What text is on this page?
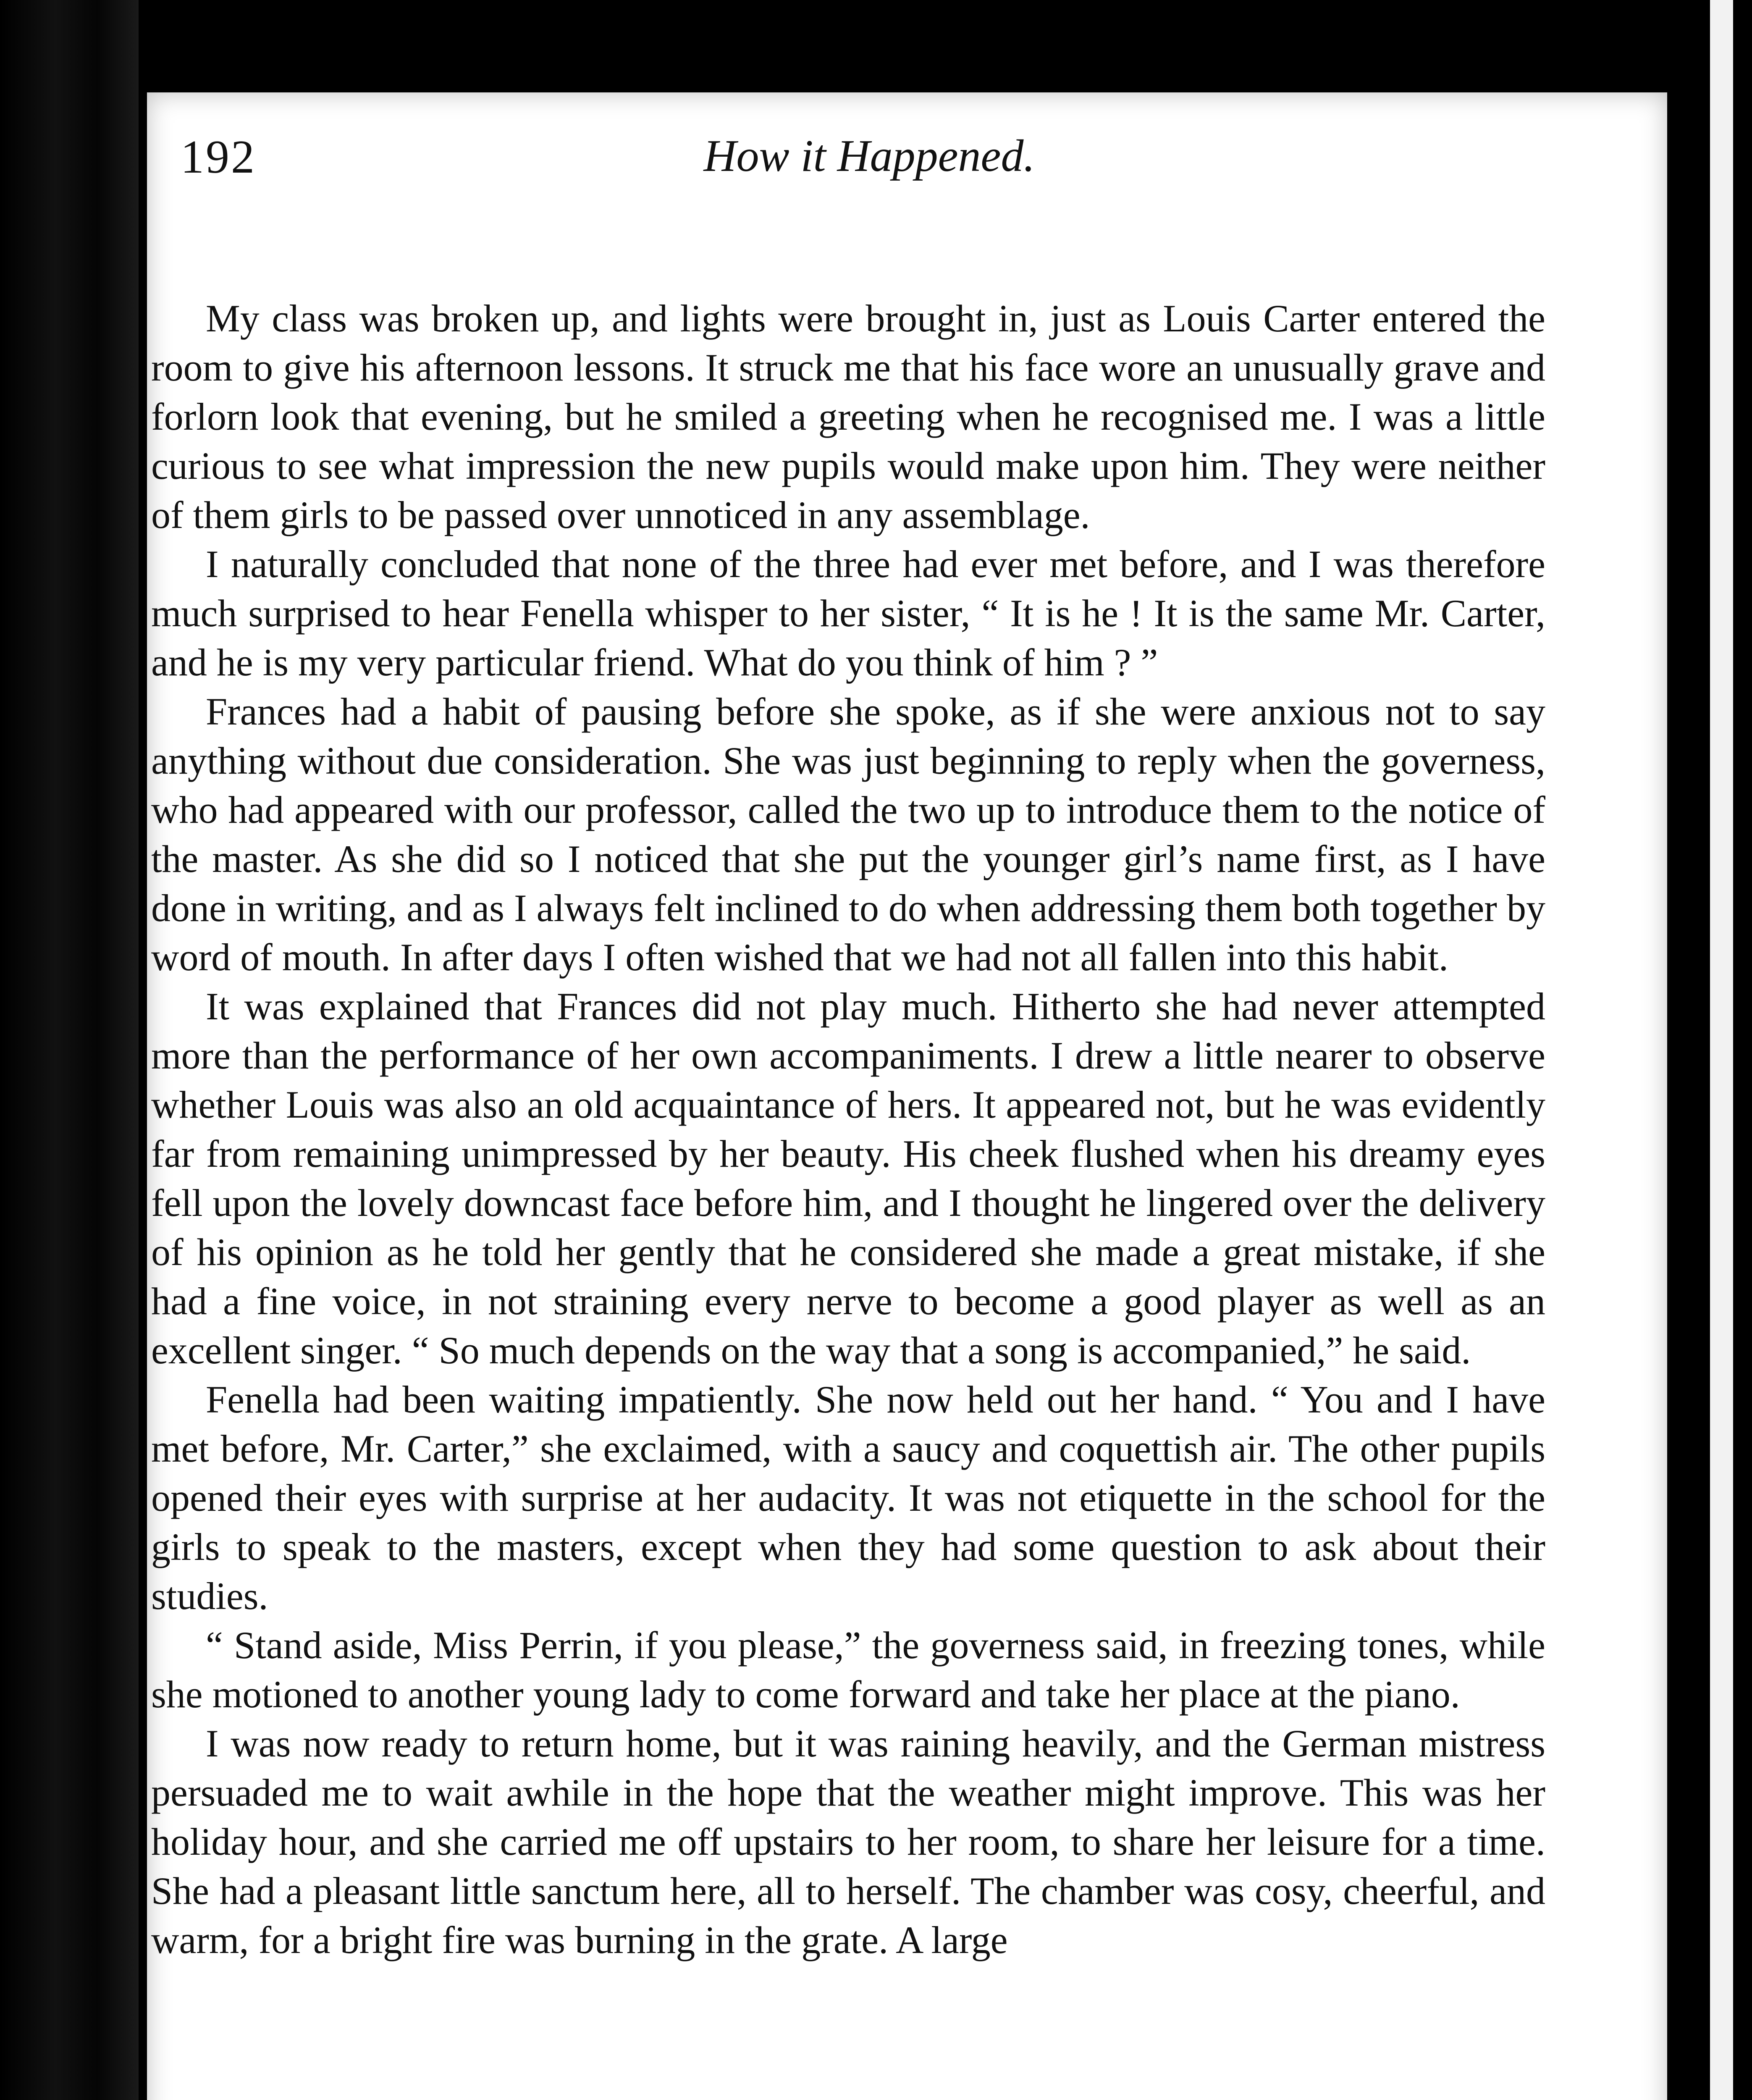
192	How it Happened.

My class was broken up, and lights were brought in, just as Louis Carter entered the room to give his afternoon lessons. It struck me that his face wore an unusually grave and forlorn look that evening, but he smiled a greeting when he recognised me. I was a little curious to see what impression the new pupils would make upon him. They were neither of them girls to be passed over unnoticed in any assemblage.

I naturally concluded that none of the three had ever met before, and I was therefore much surprised to hear Fenella whisper to her sister, “ It is he ! It is the same Mr. Carter, and he is my very particular friend. What do you think of him ? ”

Frances had a habit of pausing before she spoke, as if she were anxious not to say anything without due consideration. She was just beginning to reply when the governess, who had appeared with our professor, called the two up to introduce them to the notice of the master. As she did so I noticed that she put the younger girl’s name first, as I have done in writing, and as I always felt inclined to do when addressing them both together by word of mouth. In after days I often wished that we had not all fallen into this habit.

It was explained that Frances did not play much. Hitherto she had never attempted more than the performance of her own accompaniments. I drew a little nearer to observe whether Louis was also an old acquaintance of hers. It appeared not, but he was evidently far from remaining unimpressed by her beauty. His cheek flushed when his dreamy eyes fell upon the lovely downcast face before him, and I thought he lingered over the delivery of his opinion as he told her gently that he considered she made a great mistake, if she had a fine voice, in not straining every nerve to become a good player as well as an excellent singer. “ So much depends on the way that a song is accompanied,” he said.

Fenella had been waiting impatiently. She now held out her hand. “ You and I have met before, Mr. Carter,” she exclaimed, with a saucy and coquettish air. The other pupils opened their eyes with surprise at her audacity. It was not etiquette in the school for the girls to speak to the masters, except when they had some question to ask about their studies.

“ Stand aside, Miss Perrin, if you please,” the governess said, in freezing tones, while she motioned to another young lady to come forward and take her place at the piano.

I was now ready to return home, but it was raining heavily, and the German mistress persuaded me to wait awhile in the hope that the weather might improve. This was her holiday hour, and she carried me off upstairs to her room, to share her leisure for a time. She had a pleasant little sanctum here, all to herself. The chamber was cosy, cheerful, and warm, for a bright fire was burning in the grate. A large
